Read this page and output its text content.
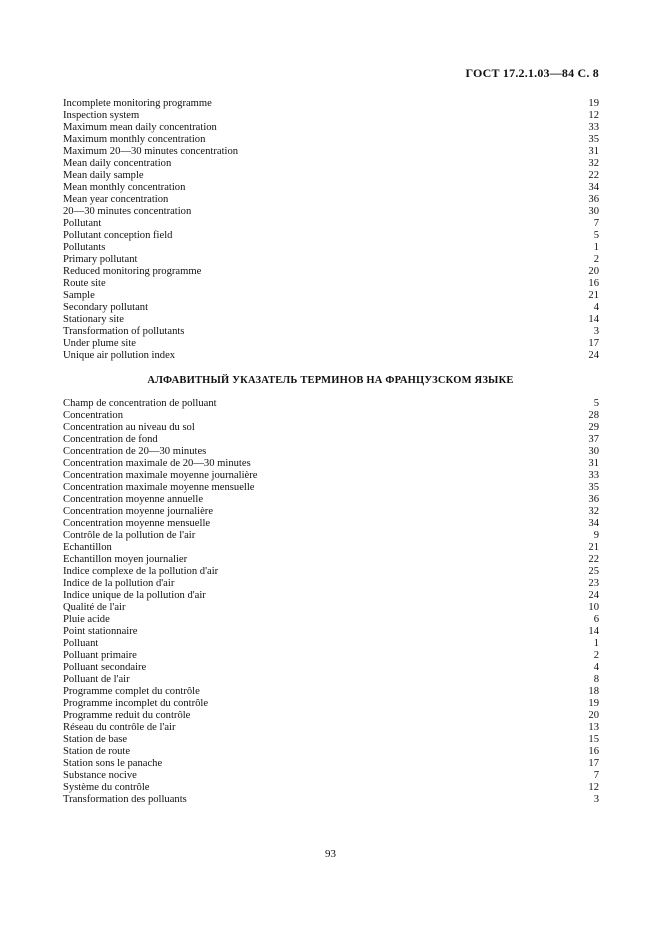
ГОСТ 17.2.1.03—84 С. 8
Incomplete monitoring programme	19
Inspection system	12
Maximum mean daily concentration	33
Maximum monthly concentration	35
Maximum 20—30 minutes concentration	31
Mean daily concentration	32
Mean daily sample	22
Mean monthly concentration	34
Mean year concentration	36
20—30 minutes concentration	30
Pollutant	7
Pollutant conception field	5
Pollutants	1
Primary pollutant	2
Reduced monitoring programme	20
Route site	16
Sample	21
Secondary pollutant	4
Stationary site	14
Transformation of pollutants	3
Under plume site	17
Unique air pollution index	24
АЛФАВИТНЫЙ УКАЗАТЕЛЬ ТЕРМИНОВ НА ФРАНЦУЗСКОМ ЯЗЫКЕ
Champ de concentration de polluant	5
Concentration	28
Concentration au niveau du sol	29
Concentration de fond	37
Concentration de 20—30 minutes	30
Concentration maximale de 20—30 minutes	31
Concentration maximale moyenne journalière	33
Concentration maximale moyenne mensuelle	35
Concentration moyenne annuelle	36
Concentration moyenne journalière	32
Concentration moyenne mensuelle	34
Contrôle de la pollution de l'air	9
Echantillon	21
Echantillon moyen journalier	22
Indice complexe de la pollution d'air	25
Indice de la pollution d'air	23
Indice unique de la pollution d'air	24
Qualité de l'air	10
Pluie acide	6
Point stationnaire	14
Polluant	1
Polluant primaire	2
Polluant secondaire	4
Polluant de l'air	8
Programme complet du contrôle	18
Programme incomplet du contrôle	19
Programme reduit du contrôle	20
Réseau du contrôle de l'air	13
Station de base	15
Station de route	16
Station sons le panache	17
Substance nocive	7
Système du contrôle	12
Transformation des polluants	3
93
